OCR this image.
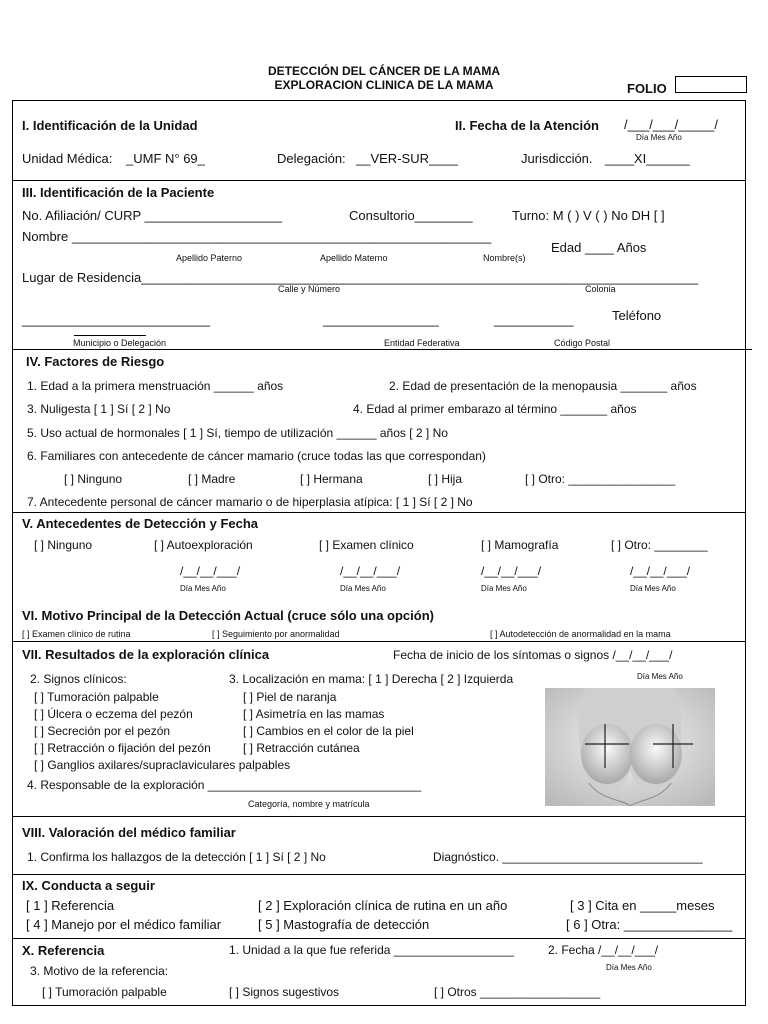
DETECCIÓN DEL CÁNCER DE LA MAMA
EXPLORACION CLINICA DE LA MAMA	FOLIO
I. Identificación de la Unidad	II. Fecha de la Atención /___/___/_____/
Día Mes Año
Unidad Médica: _UMF N° 69_	Delegación: __VER-SUR____	Jurisdicción. ____XI______
III. Identificación de la Paciente
No. Afiliación/ CURP ___________________	Consultorio________	Turno: M ( ) V ( ) No DH [ ]
Nombre __________________________________________________________
Apellido Paterno	Apellido Materno	Nombre(s)
Edad ____ Años
Lugar de Residencia_____________________________________________________________________________
Calle y Número	Colonia
__________________________	________________	___________	Teléfono
Municipio o Delegación	Entidad Federativa	Código Postal
IV. Factores de Riesgo
1. Edad a la primera menstruación ______ años	2. Edad de presentación de la menopausia _______ años
3. Nuligesta [ 1 ] Sí [ 2 ] No	4. Edad al primer embarazo al término _______ años
5. Uso actual de hormonales [ 1 ] Sí, tiempo de utilización ______ años [ 2 ] No
6. Familiares con antecedente de cáncer mamario (cruce todas las que correspondan)
[ ] Ninguno	[ ] Madre	[ ] Hermana	[ ] Hija	[ ] Otro: ________________
7. Antecedente personal de cáncer mamario o de hiperplasia atípica: [ 1 ] Sí [ 2 ] No
V. Antecedentes de Detección y Fecha
[ ] Ninguno	[ ] Autoexploración	[ ] Examen clínico	[ ] Mamografía	[ ] Otro: ________
/__/__/___/
Día Mes Año
/__/__/___/
Día Mes Año
/__/__/___/
Día Mes Año
/__/__/___/
Día Mes Año
VI. Motivo Principal de la Detección Actual (cruce sólo una opción)
[ ] Examen clínico de rutina	[ ] Seguimiento por anormalidad	[ ] Autodetección de anormalidad en la mama
VII. Resultados de la exploración clínica	Fecha de inicio de los síntomas o signos /__/__/___/
Día Mes Año
2. Signos clínicos:	3. Localización en mama: [ 1 ] Derecha [ 2 ] Izquierda
[ ] Tumoración palpable
[ ] Úlcera o eczema del pezón
[ ] Secreción por el pezón
[ ] Retracción o fijación del pezón
[ ] Ganglios axilares/supraclaviculares palpables
[ ] Piel de naranja
[ ] Asimetría en las mamas
[ ] Cambios en el color de la piel
[ ] Retracción cutánea
4. Responsable de la exploración ________________________________
Categoría, nombre y matrícula
VIII. Valoración del médico familiar
1. Confirma los hallazgos de la detección [ 1 ] Sí [ 2 ] No	Diagnóstico. ______________________________
IX. Conducta a seguir
[ 1 ] Referencia	[ 2 ] Exploración clínica de rutina en un año	[ 3 ] Cita en _____meses
[ 4 ] Manejo por el médico familiar	[ 5 ] Mastografía de detección	[ 6 ] Otra: _______________
X. Referencia	1. Unidad a la que fue referida __________________	2. Fecha /__/__/___/
Día Mes Año
3. Motivo de la referencia:
[ ] Tumoración palpable	[ ] Signos sugestivos	[ ] Otros __________________
